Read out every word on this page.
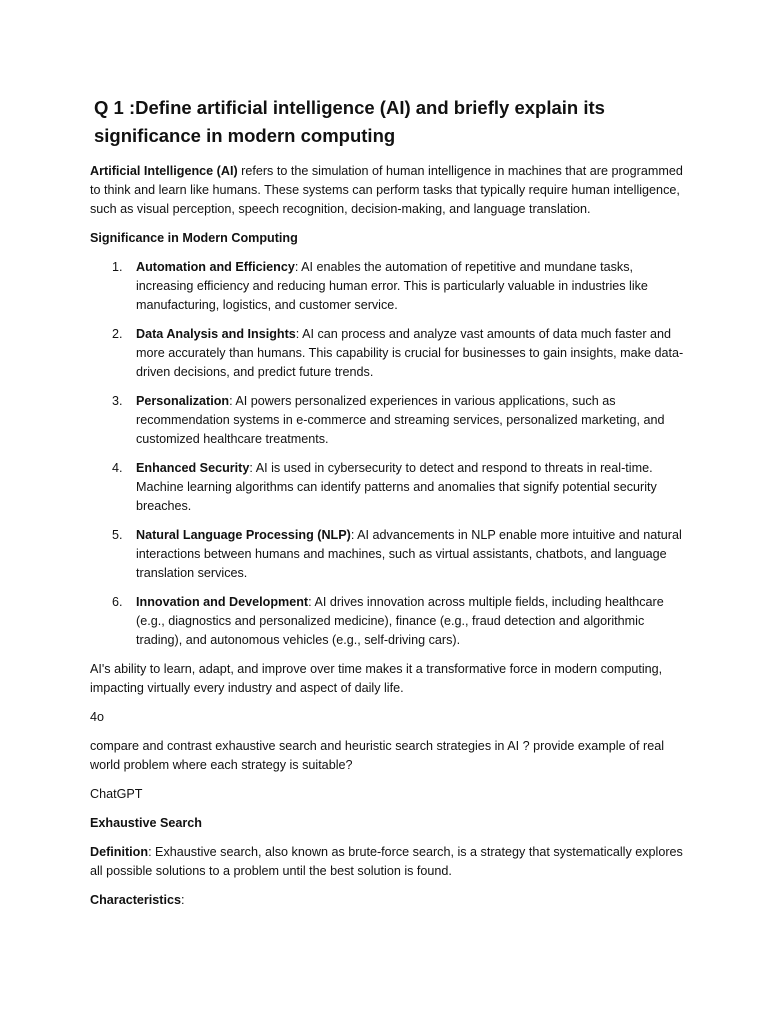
Q 1 :Define artificial intelligence (AI) and briefly explain its
significance in modern computing

Artificial Intelligence (AI) refers to the simulation of human intelligence in machines that are programmed to think and learn like humans. These systems can perform tasks that typically require human intelligence, such as visual perception, speech recognition, decision-making, and language translation.

Significance in Modern Computing

1. Automation and Efficiency: AI enables the automation of repetitive and mundane tasks, increasing efficiency and reducing human error. This is particularly valuable in industries like manufacturing, logistics, and customer service.
2. Data Analysis and Insights: AI can process and analyze vast amounts of data much faster and more accurately than humans. This capability is crucial for businesses to gain insights, make data-driven decisions, and predict future trends.
3. Personalization: AI powers personalized experiences in various applications, such as recommendation systems in e-commerce and streaming services, personalized marketing, and customized healthcare treatments.
4. Enhanced Security: AI is used in cybersecurity to detect and respond to threats in real-time. Machine learning algorithms can identify patterns and anomalies that signify potential security breaches.
5. Natural Language Processing (NLP): AI advancements in NLP enable more intuitive and natural interactions between humans and machines, such as virtual assistants, chatbots, and language translation services.
6. Innovation and Development: AI drives innovation across multiple fields, including healthcare (e.g., diagnostics and personalized medicine), finance (e.g., fraud detection and algorithmic trading), and autonomous vehicles (e.g., self-driving cars).

AI's ability to learn, adapt, and improve over time makes it a transformative force in modern computing, impacting virtually every industry and aspect of daily life.

4o

compare and contrast exhaustive search and heuristic search strategies in AI ? provide example of real world problem where each strategy is suitable?

ChatGPT

Exhaustive Search

Definition: Exhaustive search, also known as brute-force search, is a strategy that systematically explores all possible solutions to a problem until the best solution is found.

Characteristics:
